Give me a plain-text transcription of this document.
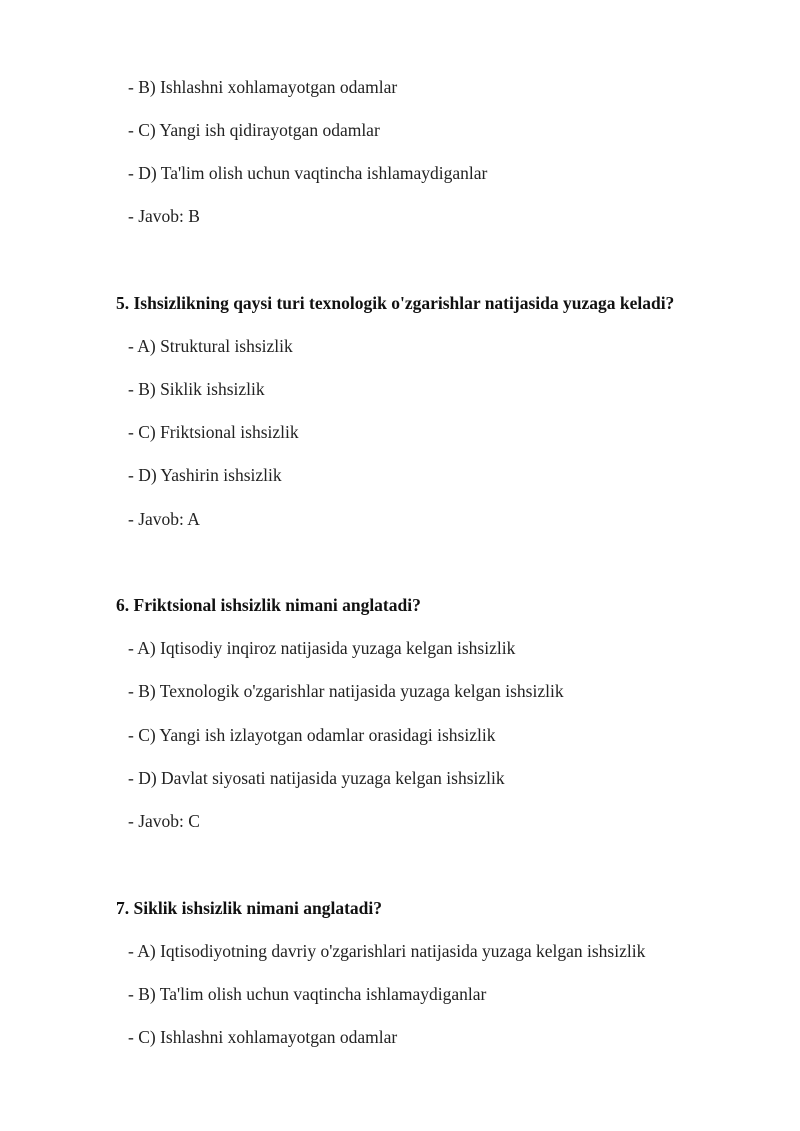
- B) Ishlashni xohlamayotgan odamlar
- C) Yangi ish qidirayotgan odamlar
- D) Ta'lim olish uchun vaqtincha ishlamaydiganlar
- Javob: B
5. Ishsizlikning qaysi turi texnologik o'zgarishlar natijasida yuzaga keladi?
- A) Struktural ishsizlik
- B) Siklik ishsizlik
- C) Friktsional ishsizlik
- D) Yashirin ishsizlik
- Javob: A
6. Friktsional ishsizlik nimani anglatadi?
- A) Iqtisodiy inqiroz natijasida yuzaga kelgan ishsizlik
- B) Texnologik o'zgarishlar natijasida yuzaga kelgan ishsizlik
- C) Yangi ish izlayotgan odamlar orasidagi ishsizlik
- D) Davlat siyosati natijasida yuzaga kelgan ishsizlik
- Javob: C
7. Siklik ishsizlik nimani anglatadi?
- A) Iqtisodiyotning davriy o'zgarishlari natijasida yuzaga kelgan ishsizlik
- B) Ta'lim olish uchun vaqtincha ishlamaydiganlar
- C) Ishlashni xohlamayotgan odamlar
